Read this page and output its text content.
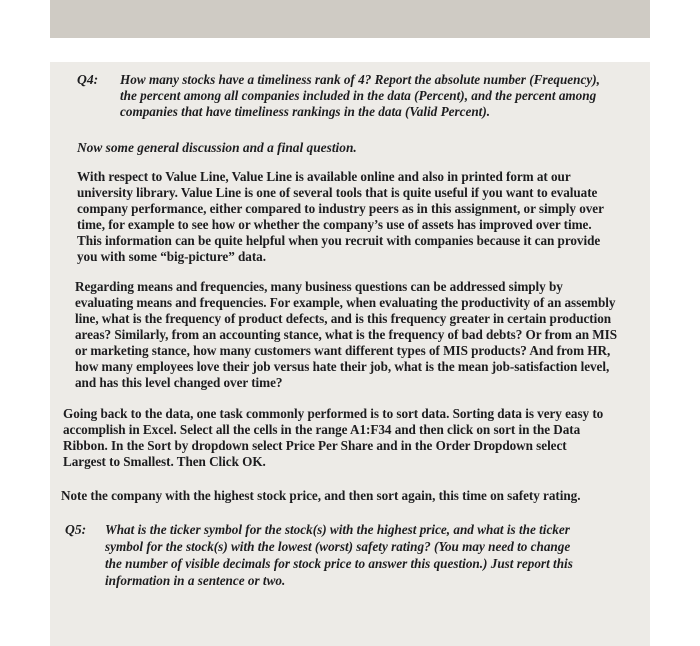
Q4: How many stocks have a timeliness rank of 4? Report the absolute number (Frequency),
the percent among all companies included in the data (Percent), and the percent among
companies that have timeliness rankings in the data (Valid Percent).
Now some general discussion and a final question.
With respect to Value Line, Value Line is available online and also in printed form at our
university library. Value Line is one of several tools that is quite useful if you want to evaluate
company performance, either compared to industry peers as in this assignment, or simply over
time, for example to see how or whether the company’s use of assets has improved over time.
This information can be quite helpful when you recruit with companies because it can provide
you with some “big-picture” data.
Regarding means and frequencies, many business questions can be addressed simply by
evaluating means and frequencies. For example, when evaluating the productivity of an assembly
line, what is the frequency of product defects, and is this frequency greater in certain production
areas? Similarly, from an accounting stance, what is the frequency of bad debts? Or from an MIS
or marketing stance, how many customers want different types of MIS products? And from HR,
how many employees love their job versus hate their job, what is the mean job-satisfaction level,
and has this level changed over time?
Going back to the data, one task commonly performed is to sort data. Sorting data is very easy to
accomplish in Excel. Select all the cells in the range A1:F34 and then click on sort in the Data
Ribbon. In the Sort by dropdown select Price Per Share and in the Order Dropdown select
Largest to Smallest. Then Click OK.
Note the company with the highest stock price, and then sort again, this time on safety rating.
Q5: What is the ticker symbol for the stock(s) with the highest price, and what is the ticker
symbol for the stock(s) with the lowest (worst) safety rating? (You may need to change
the number of visible decimals for stock price to answer this question.) Just report this
information in a sentence or two.
